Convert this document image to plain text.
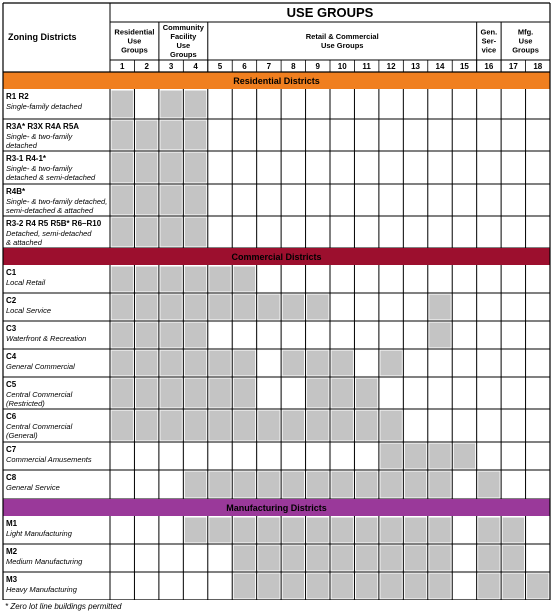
Zoning Districts
USE GROUPS
Residential
Use
Groups
Community
Facility
Use
Groups
Retail & Commercial
Use Groups
Gen.
Ser-
vice
Mfg.
Use
Groups
1 2 3 4 5 6 7 8 9 10 11 12 13 14 15 16 17 18
Residential Districts
R1 R2
Single-family detached
R3A* R3X R4A R5A
Single- & two-family
detached
R3-1 R4-1*
Single- & two-family
detached & semi-detached
R4B*
Single- & two-family detached,
semi-detached & attached
R3-2 R4 R5 R5B* R6–R10
Detached, semi-detached
& attached
Commercial Districts
C1
Local Retail
C2
Local Service
C3
Waterfront & Recreation
C4
General Commercial
C5
Central Commercial
(Restricted)
C6
Central Commercial
(General)
C7
Commercial Amusements
C8
General Service
Manufacturing Districts
M1
Light Manufacturing
M2
Medium Manufacturing
M3
Heavy Manufacturing
* Zero lot line buildings permitted
